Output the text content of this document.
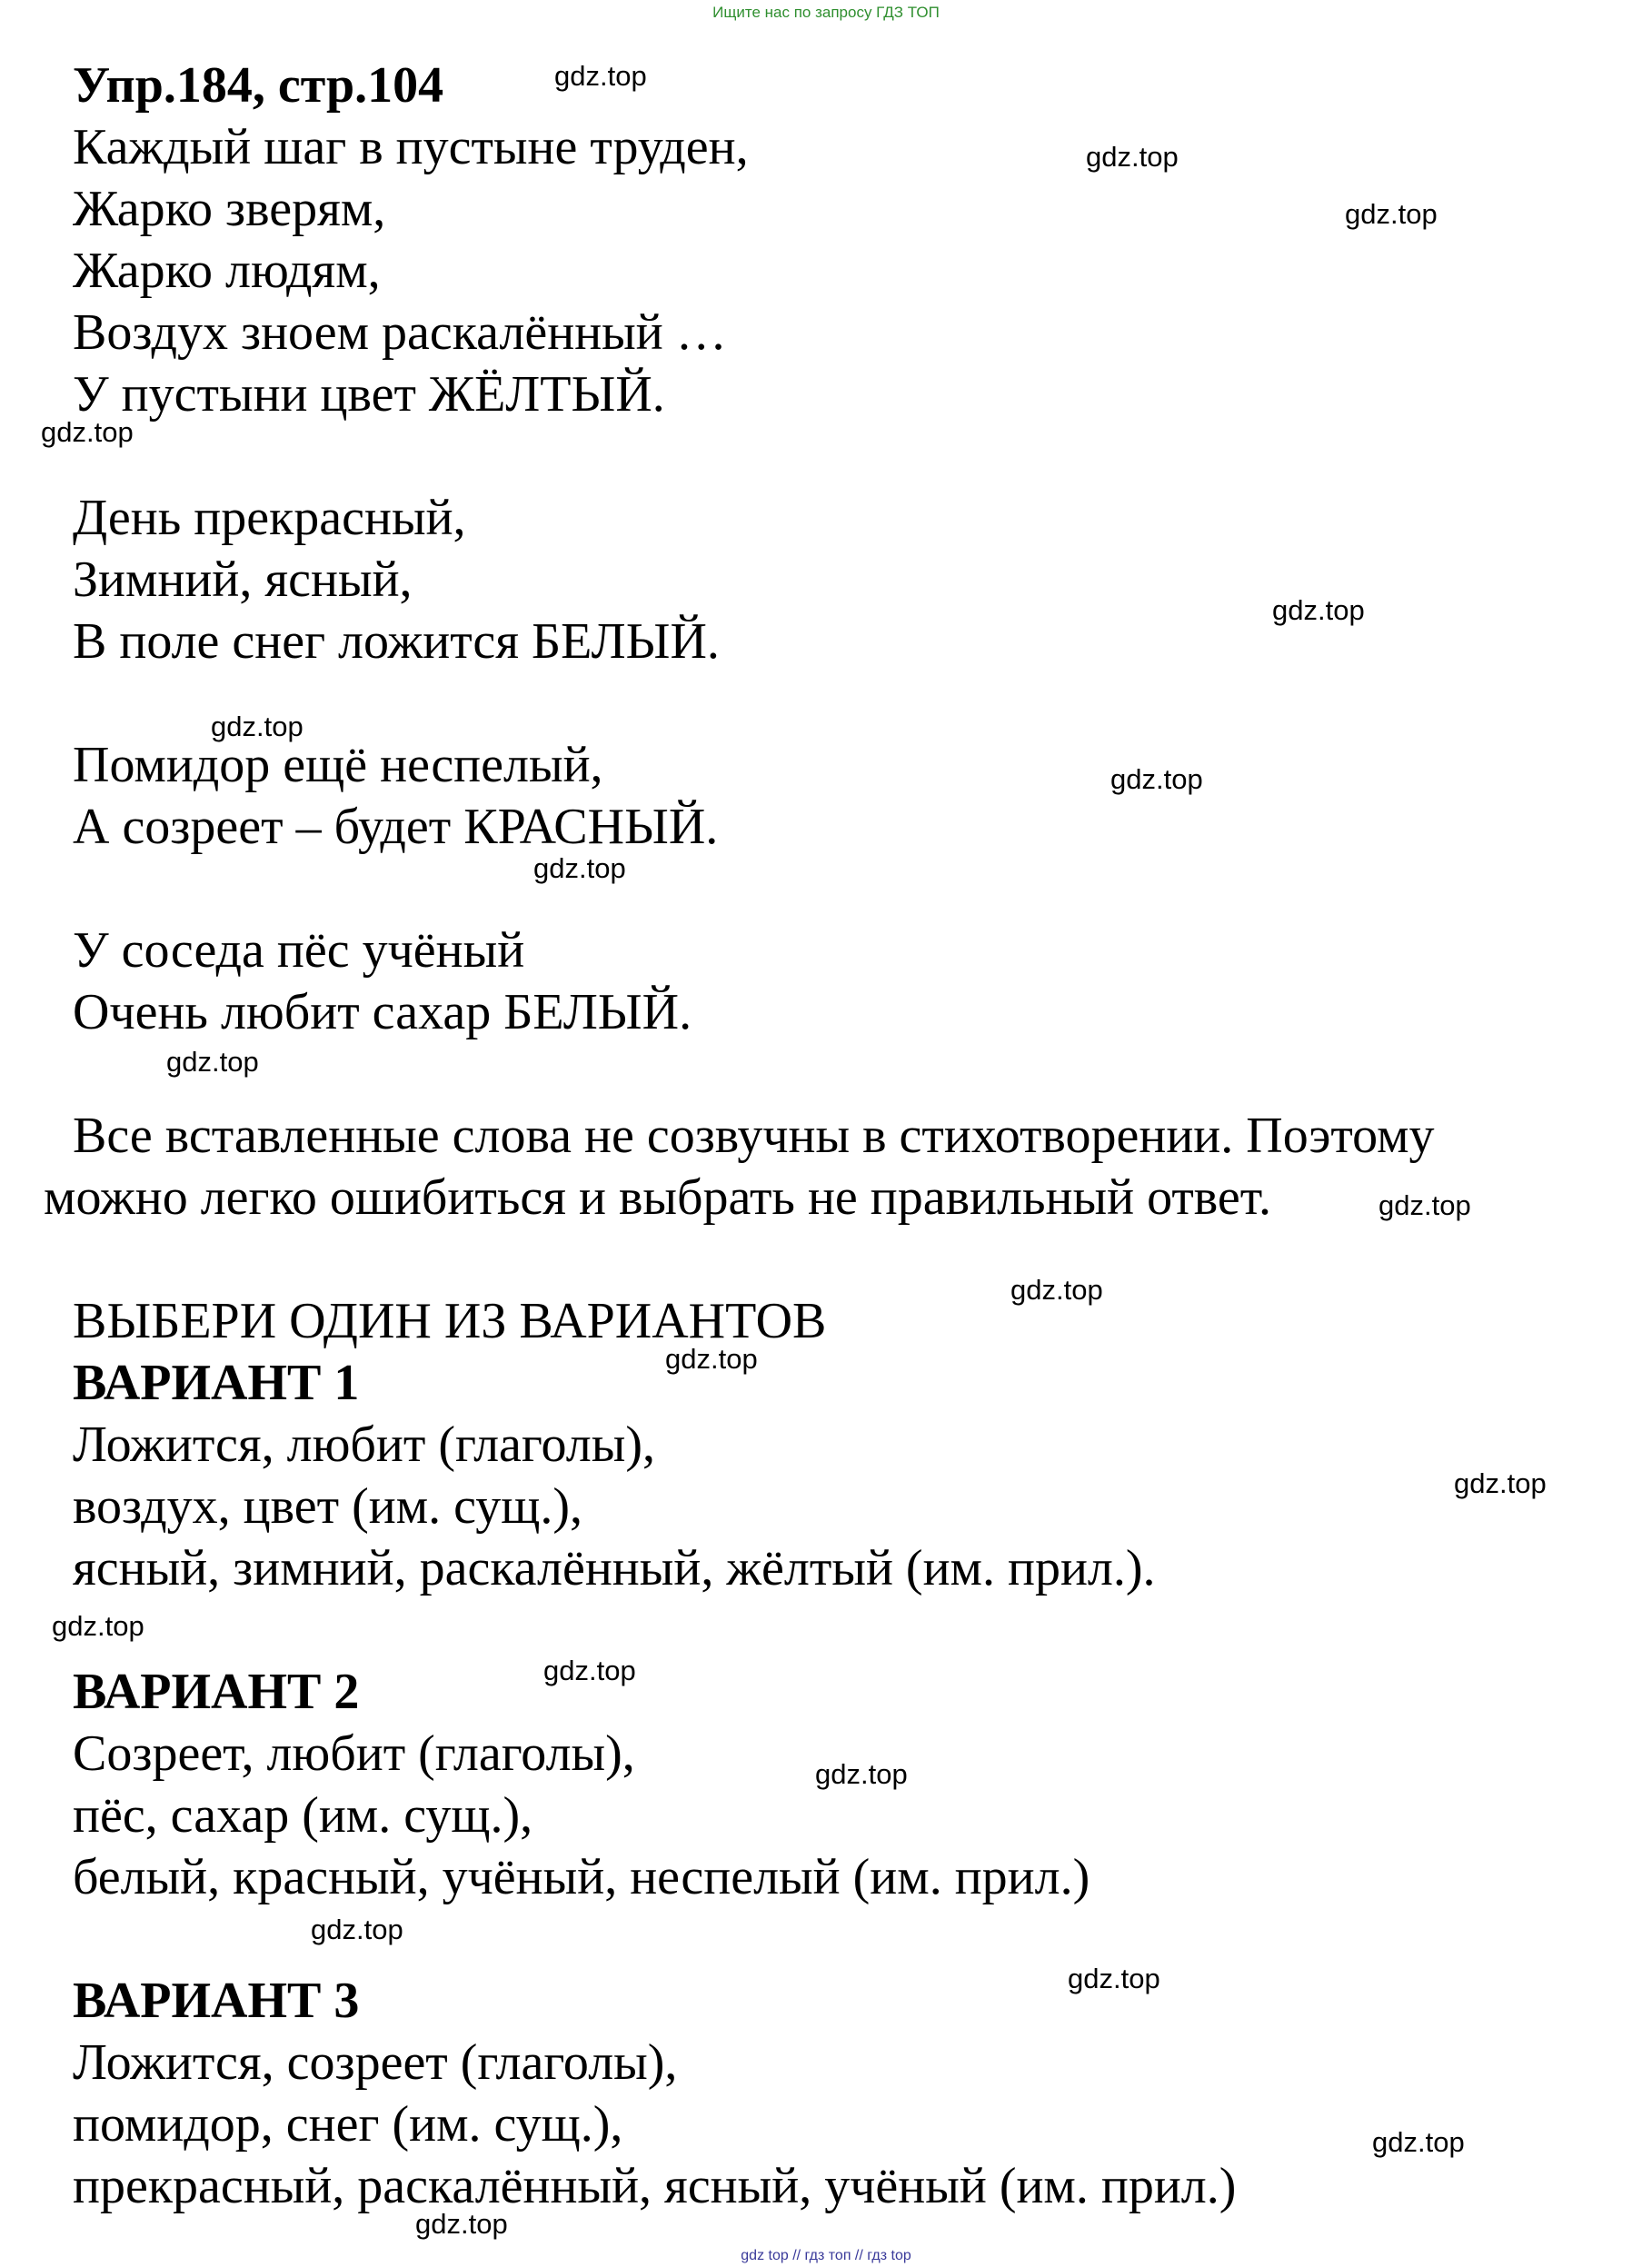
Ищите нас по запросу ГДЗ ТОП
Упр.184, стр.104
Каждый шаг в пустыне труден,
Жарко зверям,
Жарко людям,
Воздух зноем раскалённый …
У пустыни цвет ЖЁЛТЫЙ.
День прекрасный,
Зимний, ясный,
В поле снег ложится БЕЛЫЙ.
Помидор ещё неспелый,
А созреет – будет КРАСНЫЙ.
У соседа пёс учёный
Очень любит сахар БЕЛЫЙ.
Все вставленные слова не созвучны в стихотворении. Поэтому
можно легко ошибиться и выбрать не правильный ответ.
ВЫБЕРИ ОДИН ИЗ ВАРИАНТОВ
ВАРИАНТ 1
Ложится, любит (глаголы),
воздух, цвет (им. сущ.),
ясный, зимний, раскалённый, жёлтый (им. прил.).
ВАРИАНТ 2
Созреет, любит (глаголы),
пёс, сахар (им. сущ.),
белый, красный, учёный, неспелый (им. прил.)
ВАРИАНТ 3
Ложится, созреет (глаголы),
помидор, снег (им. сущ.),
прекрасный, раскалённый, ясный, учёный (им. прил.)
gdz.top
gdz.top
gdz.top
gdz.top
gdz.top
gdz.top
gdz.top
gdz.top
gdz.top
gdz.top
gdz.top
gdz.top
gdz.top
gdz.top
gdz.top
gdz.top
gdz.top
gdz.top
gdz.top
gdz.top
gdz top // гдз топ // гдз top
